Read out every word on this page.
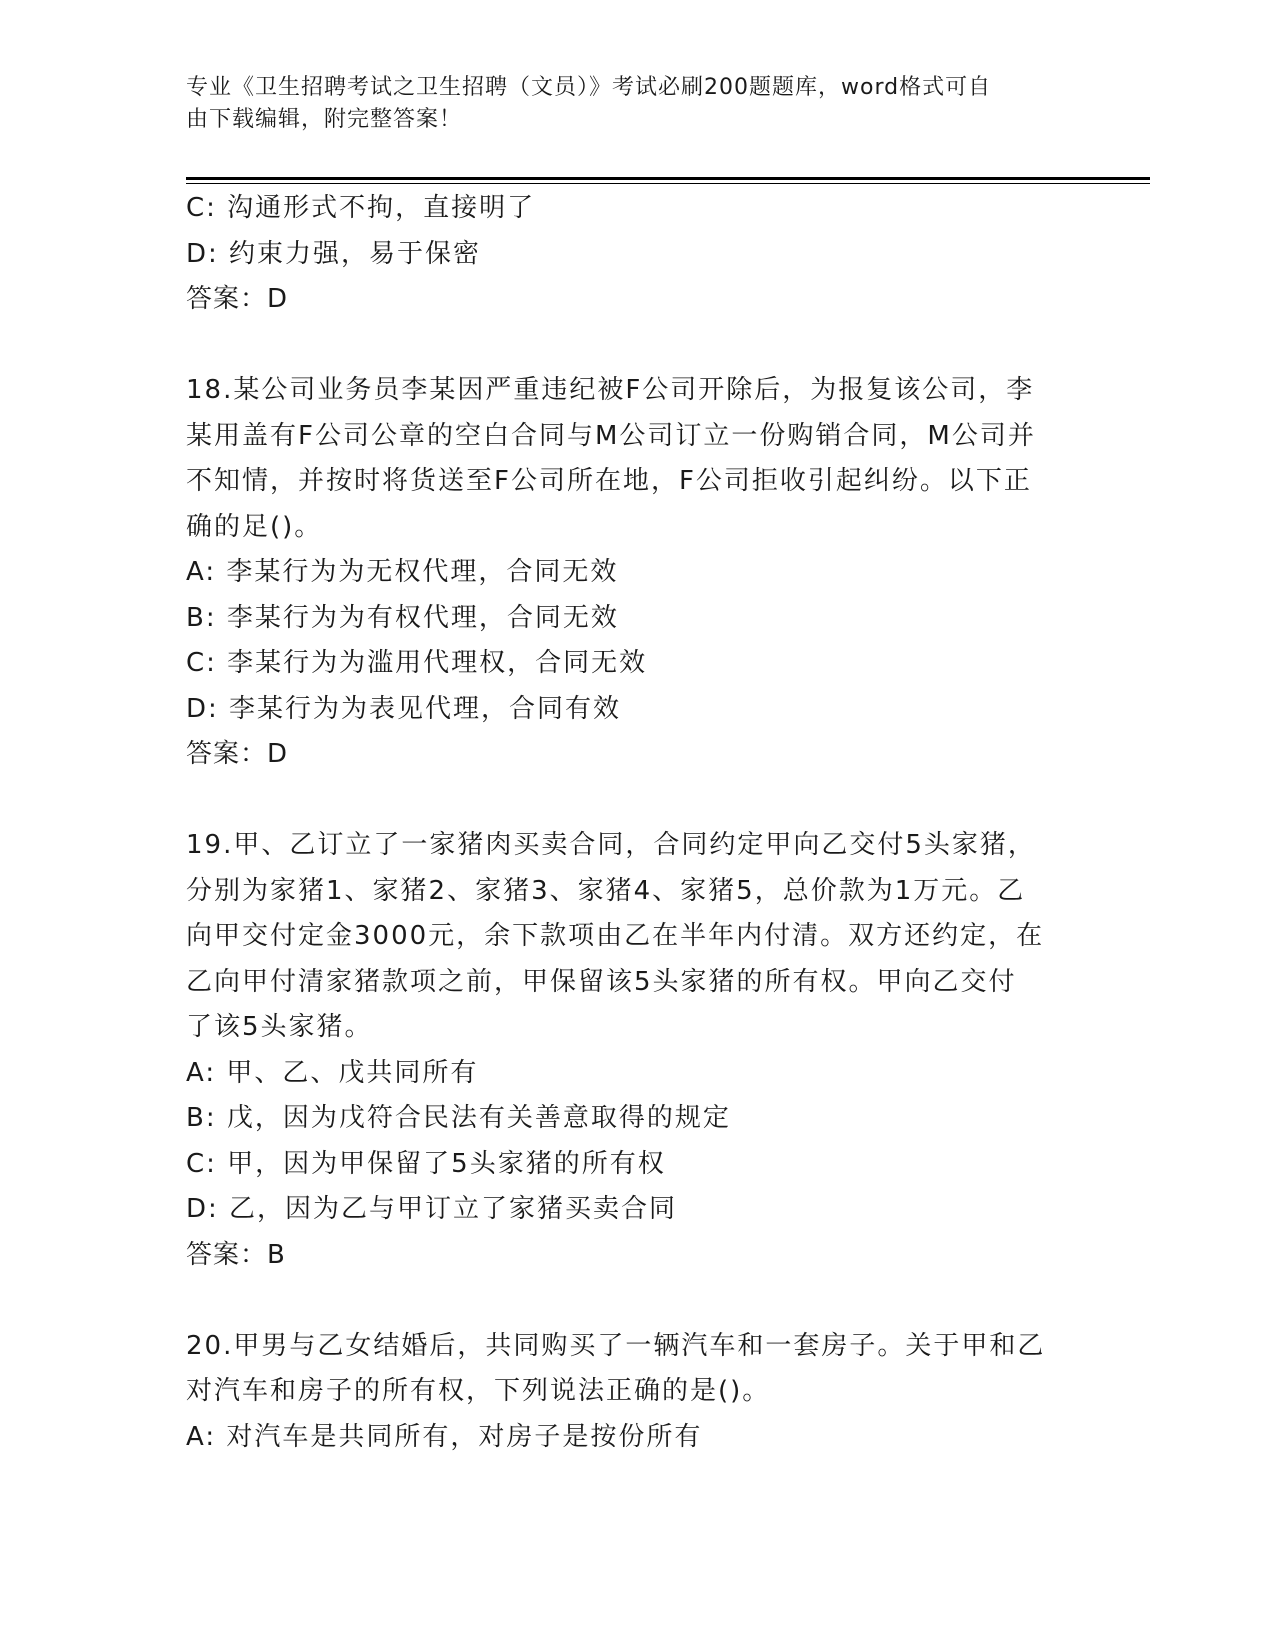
专业《卫生招聘考试之卫生招聘（文员）》考试必刷200题题库，word格式可自
由下载编辑，附完整答案！
C: 沟通形式不拘，直接明了
D: 约束力强，易于保密
答案：D
18.某公司业务员李某因严重违纪被F公司开除后，为报复该公司，李
某用盖有F公司公章的空白合同与M公司订立一份购销合同，M公司并
不知情，并按时将货送至F公司所在地，F公司拒收引起纠纷。以下正
确的足()。
A: 李某行为为无权代理，合同无效
B: 李某行为为有权代理，合同无效
C: 李某行为为滥用代理权，合同无效
D: 李某行为为表见代理，合同有效
答案：D
19.甲、乙订立了一家猪肉买卖合同，合同约定甲向乙交付5头家猪，
分别为家猪1、家猪2、家猪3、家猪4、家猪5，总价款为1万元。乙
向甲交付定金3000元，余下款项由乙在半年内付清。双方还约定，在
乙向甲付清家猪款项之前，甲保留该5头家猪的所有权。甲向乙交付
了该5头家猪。
A: 甲、乙、戊共同所有
B: 戊，因为戊符合民法有关善意取得的规定
C: 甲，因为甲保留了5头家猪的所有权
D: 乙，因为乙与甲订立了家猪买卖合同
答案：B
20.甲男与乙女结婚后，共同购买了一辆汽车和一套房子。关于甲和乙
对汽车和房子的所有权，下列说法正确的是()。
A: 对汽车是共同所有，对房子是按份所有
